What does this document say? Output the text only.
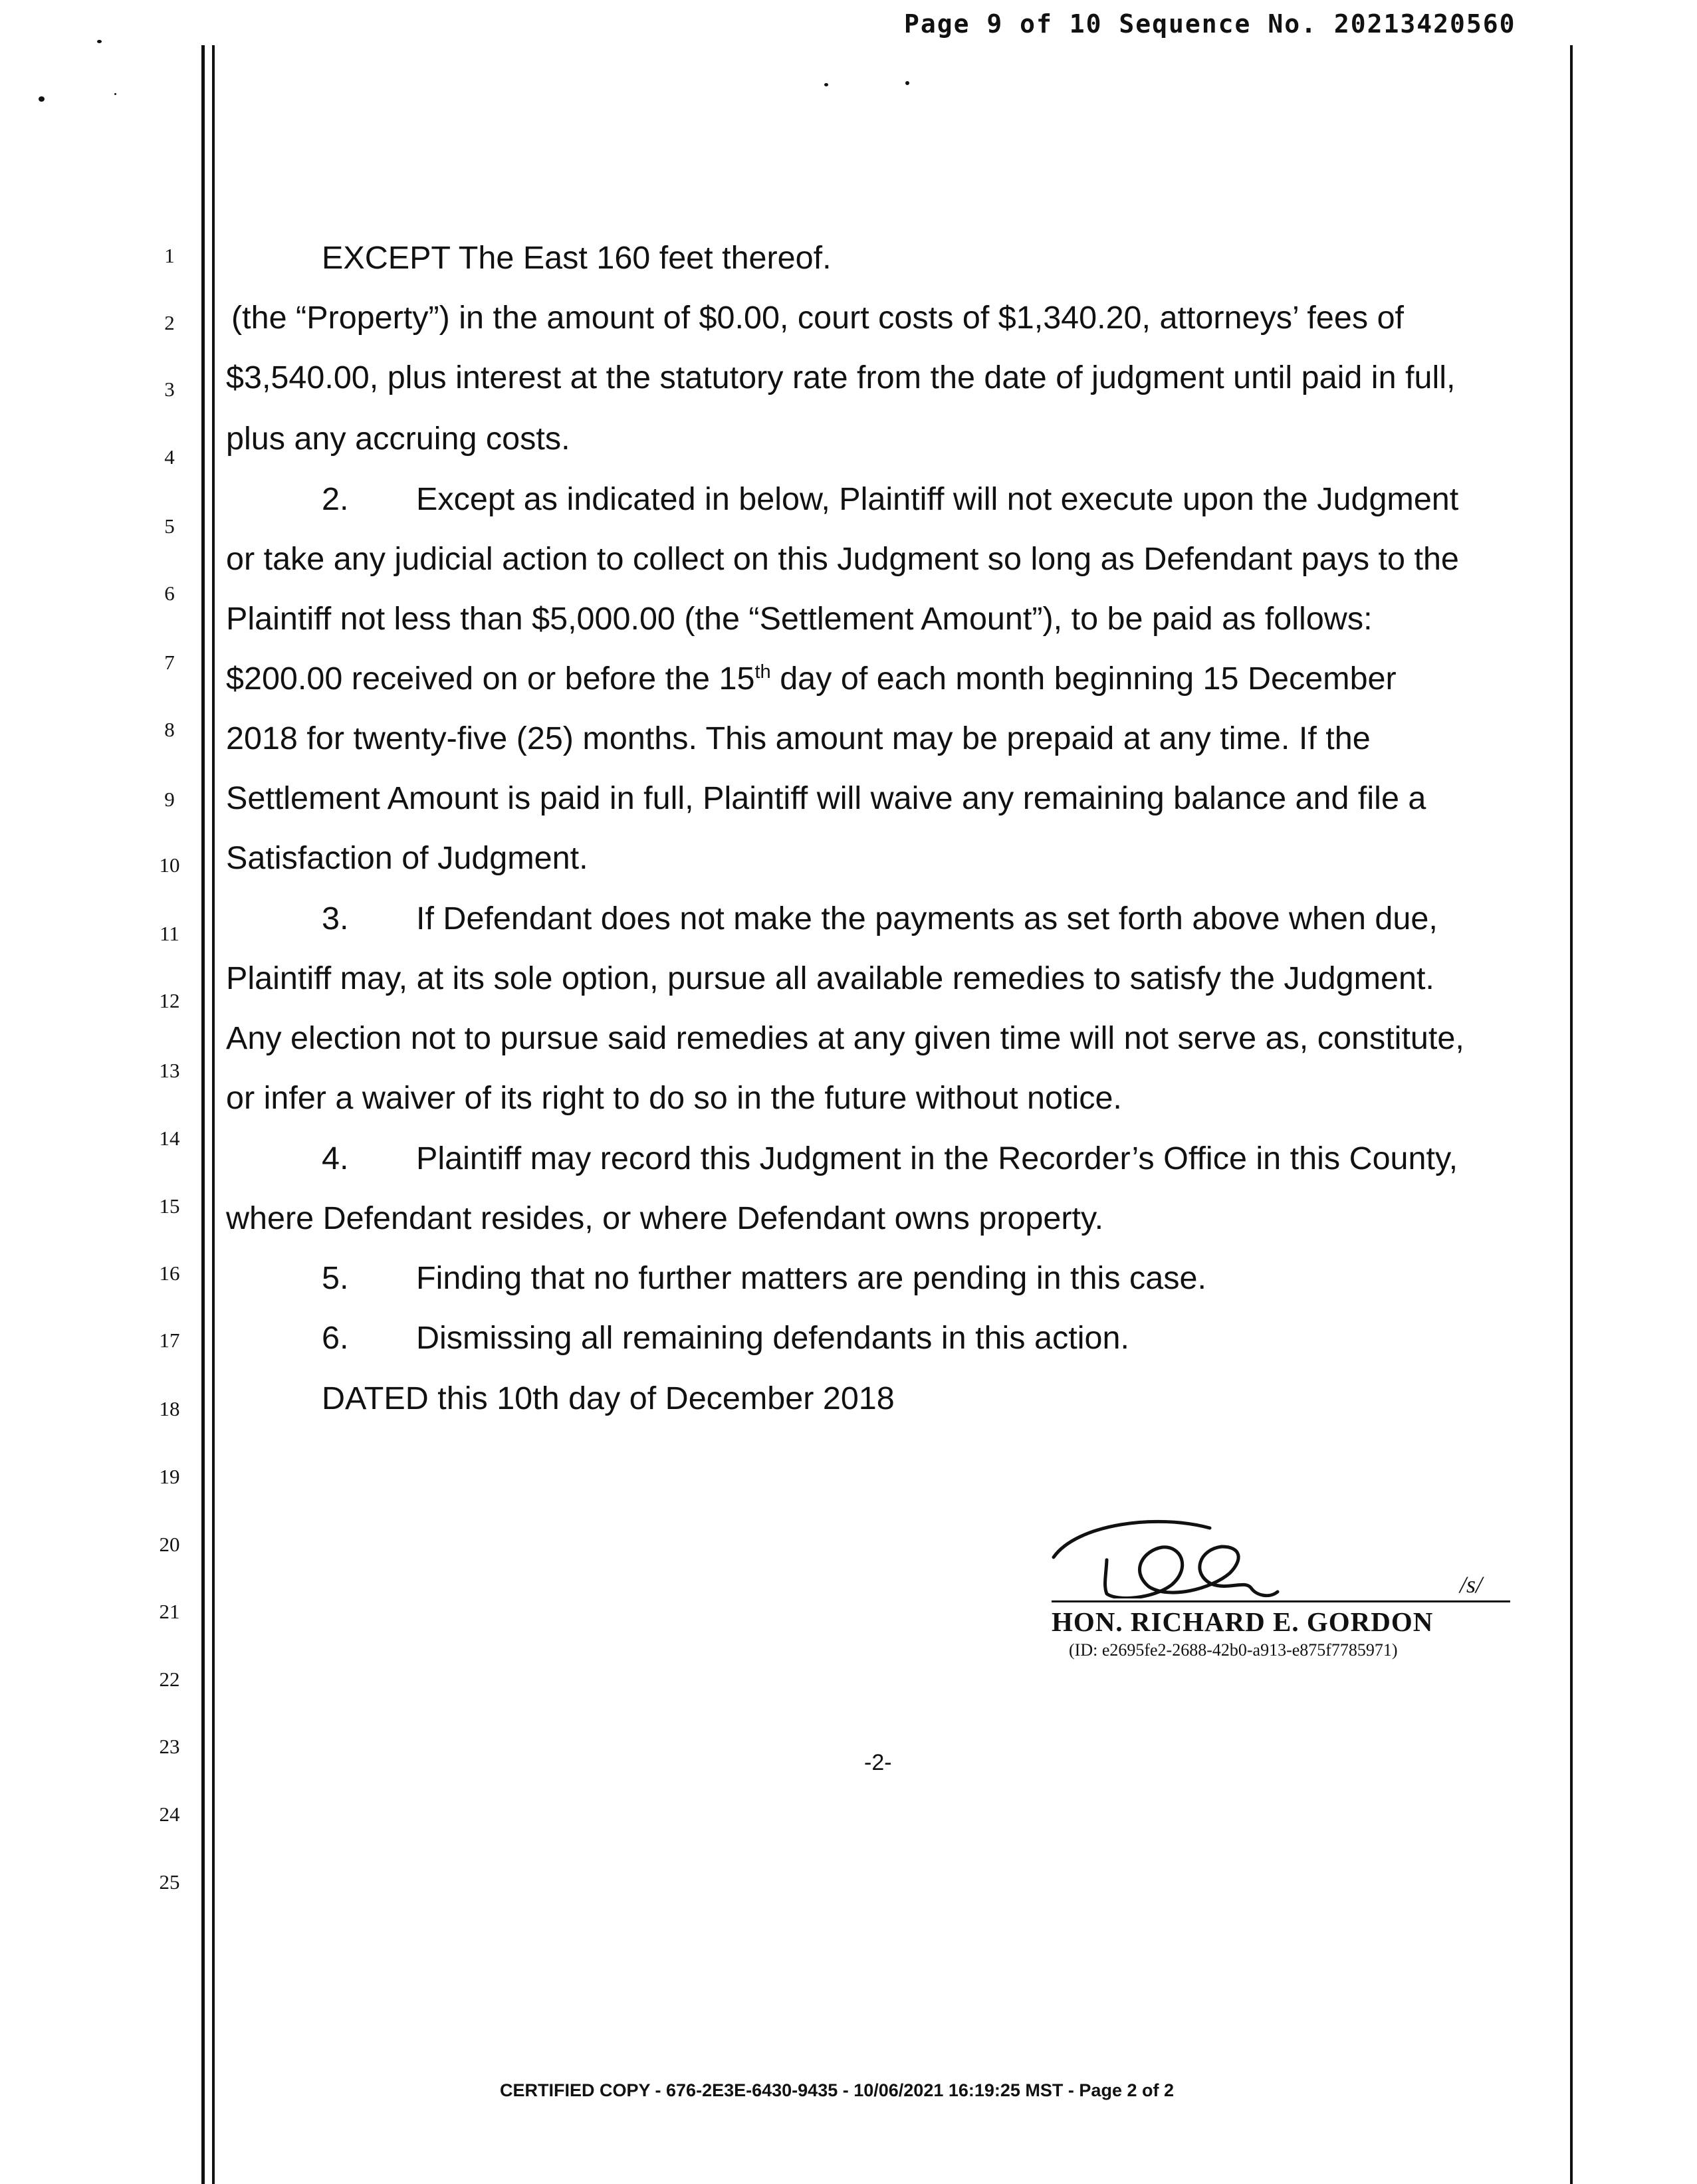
Page 9 of 10 Sequence No. 20213420560

1
2
3
4
5
6
7
8
9
10
11
12
13
14
15
16
17
18
19
20
21
22
23
24
25

EXCEPT The East 160 feet thereof.

(the “Property”) in the amount of $0.00, court costs of $1,340.20, attorneys’ fees of

$3,540.00, plus interest at the statutory rate from the date of judgment until paid in full,

plus any accruing costs.

2. Except as indicated in below, Plaintiff will not execute upon the Judgment

or take any judicial action to collect on this Judgment so long as Defendant pays to the

Plaintiff not less than $5,000.00 (the “Settlement Amount”), to be paid as follows:

$200.00 received on or before the 15th day of each month beginning 15 December

2018 for twenty-five (25) months. This amount may be prepaid at any time. If the

Settlement Amount is paid in full, Plaintiff will waive any remaining balance and file a

Satisfaction of Judgment.

3. If Defendant does not make the payments as set forth above when due,

Plaintiff may, at its sole option, pursue all available remedies to satisfy the Judgment.

Any election not to pursue said remedies at any given time will not serve as, constitute,

or infer a waiver of its right to do so in the future without notice.

4. Plaintiff may record this Judgment in the Recorder’s Office in this County,

where Defendant resides, or where Defendant owns property.

5. Finding that no further matters are pending in this case.

6. Dismissing all remaining defendants in this action.

DATED this 10th day of December 2018

/s/

HON. RICHARD E. GORDON

(ID: e2695fe2-2688-42b0-a913-e875f7785971)

-2-

CERTIFIED COPY - 676-2E3E-6430-9435 - 10/06/2021 16:19:25 MST - Page 2 of 2
